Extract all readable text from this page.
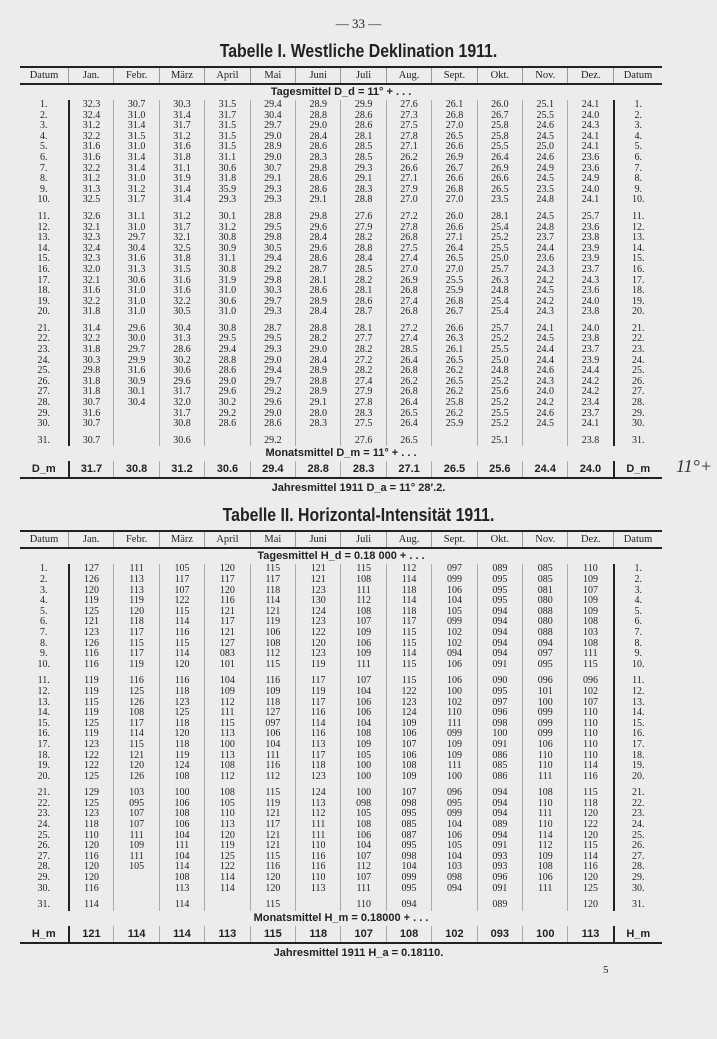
— 33 —
Tabelle I. Westliche Deklination 1911.
Datum	Jan.	Febr.	März	April	Mai	Juni	Juli	Aug.	Sept.	Okt.	Nov.	Dez.	Datum
Tagesmittel D_d = 11° + . . .													
1.	32.3	30.7	30.3	31.5	29.4	28.9	29.9	27.6	26.1	26.0	25.1	24.1	1.
2.	32.4	31.0	31.4	31.7	30.4	28.8	28.6	27.3	26.8	26.7	25.5	24.0	2.
3.	31.2	31.4	31.7	31.5	29.7	29.0	28.6	27.5	27.0	25.8	24.6	24.3	3.
4.	32.2	31.5	31.2	31.5	29.0	28.4	28.1	27.8	26.5	25.8	24.5	24.1	4.
5.	31.6	31.0	31.6	31.5	28.9	28.6	28.5	27.1	26.6	25.5	25.0	24.1	5.
6.	31.6	31.4	31.8	31.1	29.0	28.3	28.5	26.2	26.9	26.4	24.6	23.6	6.
7.	32.2	31.4	31.1	30.6	30.7	29.8	29.3	26.6	26.7	26.9	24.9	23.6	7.
8.	31.2	31.0	31.9	31.8	29.1	28.6	29.1	27.1	26.6	26.6	24.5	24.9	8.
9.	31.3	31.2	31.4	35.9	29.3	28.6	28.3	27.9	26.8	26.5	23.5	24.0	9.
10.	32.5	31.7	31.4	29.3	29.3	29.1	28.8	27.0	27.0	23.5	24.8	24.1	10.

11.	32.6	31.1	31.2	30.1	28.8	29.8	27.6	27.2	26.0	28.1	24.5	25.7	11.
12.	32.1	31.0	31.7	31.2	29.5	29.6	27.9	27.8	26.6	25.4	24.8	23.6	12.
13.	32.3	29.7	32.1	30.8	29.8	28.4	28.2	26.8	27.1	25.2	23.7	23.8	13.
14.	32.4	30.4	32.5	30.9	30.5	29.6	28.8	27.5	26.4	25.5	24.4	23.9	14.
15.	32.3	31.6	31.8	31.1	29.4	28.6	28.4	27.4	26.5	25.0	23.6	23.9	15.
16.	32.0	31.3	31.5	30.8	29.2	28.7	28.5	27.0	27.0	25.7	24.3	23.7	16.
17.	32.1	30.6	31.6	31.9	29.8	28.1	28.2	26.9	25.5	26.3	24.2	24.3	17.
18.	31.6	31.0	31.6	31.0	30.3	28.6	28.1	26.8	25.9	24.8	24.5	23.6	18.
19.	32.2	31.0	32.2	30.6	29.7	28.9	28.6	27.4	26.8	25.4	24.2	24.0	19.
20.	31.8	31.0	30.5	31.0	29.3	28.4	28.7	26.8	26.7	25.4	24.3	23.8	20.

21.	31.4	29.6	30.4	30.8	28.7	28.8	28.1	27.2	26.6	25.7	24.1	24.0	21.
22.	32.2	30.0	31.3	29.5	29.5	28.2	27.7	27.4	26.3	25.2	24.5	23.8	22.
23.	31.8	29.7	28.6	29.4	29.3	29.0	28.2	28.5	26.1	25.5	24.4	23.7	23.
24.	30.3	29.9	30.2	28.8	29.0	28.4	27.2	26.4	26.5	25.0	24.4	23.9	24.
25.	29.8	31.6	30.6	28.6	29.4	28.9	28.2	26.8	26.2	24.8	24.6	24.4	25.
26.	31.8	30.9	29.6	29.0	29.7	28.8	27.4	26.2	26.5	25.2	24.3	24.2	26.
27.	31.8	30.1	31.7	29.6	29.2	28.9	27.9	26.8	26.2	25.6	24.0	24.2	27.
28.	30.7	30.4	32.0	30.2	29.6	29.1	27.8	26.4	25.8	25.2	24.2	23.4	28.
29.	31.6		31.7	29.2	29.0	28.0	28.3	26.5	26.2	25.5	24.6	23.7	29.
30.	30.7		30.8	28.6	28.6	28.3	27.5	26.4	25.9	25.2	24.5	24.1	30.

31.	30.7		30.6		29.2		27.6	26.5		25.1		23.8	31.
Monatsmittel D_m = 11° + . . .													
D_m	31.7	30.8	31.2	30.6	29.4	28.8	28.3	27.1	26.5	25.6	24.4	24.0	D_m
Jahresmittel 1911 D_a = 11° 28′.2.
Tabelle II. Horizontal-Intensität 1911.
Datum	Jan.	Febr.	März	April	Mai	Juni	Juli	Aug.	Sept.	Okt.	Nov.	Dez.	Datum
Tagesmittel H_d = 0.18 000 + . . .													
1.	127	111	105	120	115	121	115	112	097	089	085	110	1.
2.	126	113	117	117	117	121	108	114	099	095	085	109	2.
3.	120	113	107	120	118	123	111	118	106	095	081	107	3.
4.	119	119	122	116	114	130	112	114	104	095	080	109	4.
5.	125	120	115	121	121	124	108	118	105	094	088	109	5.
6.	121	118	114	117	119	123	107	117	099	094	080	108	6.
7.	123	117	116	121	106	122	109	115	102	094	088	103	7.
8.	126	115	115	127	108	120	106	115	102	094	094	108	8.
9.	116	117	114	083	112	123	109	114	094	094	097	111	9.
10.	116	119	120	101	115	119	111	115	106	091	095	115	10.

11.	119	116	116	104	116	117	107	115	106	090	096	096	11.
12.	119	125	118	109	109	119	104	122	100	095	101	102	12.
13.	115	126	123	112	118	117	106	123	102	097	100	107	13.
14.	119	108	125	111	127	116	106	124	110	096	099	110	14.
15.	125	117	118	115	097	114	104	109	111	098	099	110	15.
16.	119	114	120	113	106	116	108	106	099	100	099	110	16.
17.	123	115	118	100	104	113	109	107	109	091	106	110	17.
18.	122	121	119	113	111	117	105	106	109	086	110	110	18.
19.	122	120	124	108	116	118	100	108	111	085	110	114	19.
20.	125	126	108	112	112	123	100	109	100	086	111	116	20.

21.	129	103	100	108	115	124	100	107	096	094	108	115	21.
22.	125	095	106	105	119	113	098	098	095	094	110	118	22.
23.	123	107	108	110	121	112	105	095	099	094	111	120	23.
24.	118	107	106	113	117	111	108	085	104	089	110	122	24.
25.	110	111	104	120	121	111	106	087	106	094	114	120	25.
26.	120	109	111	119	121	110	104	095	105	091	112	115	26.
27.	116	111	104	125	115	116	107	098	104	093	109	114	27.
28.	120	105	114	122	116	116	112	104	103	093	108	116	28.
29.	120		108	114	120	110	107	099	098	096	106	120	29.
30.	116		113	114	120	113	111	095	094	091	111	125	30.

31.	114		114		115		110	094		089		120	31.
Monatsmittel H_m = 0.18000 + . . .													
H_m	121	114	114	113	115	118	107	108	102	093	100	113	H_m
Jahresmittel 1911 H_a = 0.18110.
5
11°+
